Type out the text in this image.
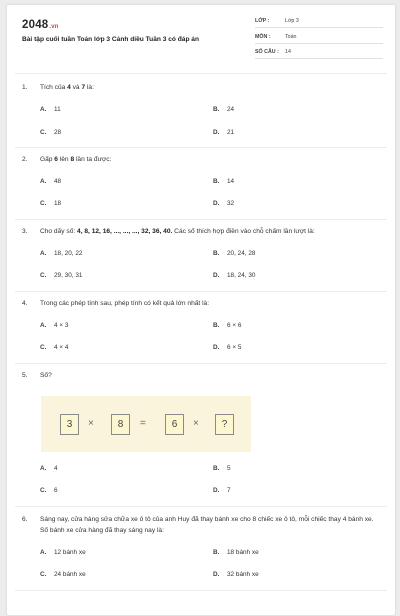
2048.vn
Bài tập cuối tuần Toán lớp 3 Cánh diều Tuần 3 có đáp án
LỚP :	Lớp 3
MÔN :	Toán
SỐ CÂU : 14
1. Tích của 4 và 7 là:
A. 11	B. 24
C. 28	D. 21
2. Gấp 6 lên 8 lần ta được:
A. 48	B. 14
C. 18	D. 32
3. Cho dãy số: 4, 8, 12, 16, ..., ..., ..., 32, 36, 40. Các số thích hợp điền vào chỗ chấm lần lượt là:
A. 18, 20, 22	B. 20, 24, 28
C. 29, 30, 31	D. 18, 24, 30
4. Trong các phép tính sau, phép tính có kết quả lớn nhất là:
A. 4 × 3	B. 6 × 6
C. 4 × 4	D. 6 × 5
5. Số?
3	×	8	=	6	×	?
A. 4	B. 5
C. 6	D. 7
6. Sáng nay, cửa hàng sửa chữa xe ô tô của anh Huy đã thay bánh xe cho 8 chiếc xe ô tô, mỗi chiếc thay 4 bánh xe. Số bánh xe cửa hàng đã thay sáng nay là:
A. 12 bánh xe	B. 18 bánh xe
C. 24 bánh xe	D. 32 bánh xe
